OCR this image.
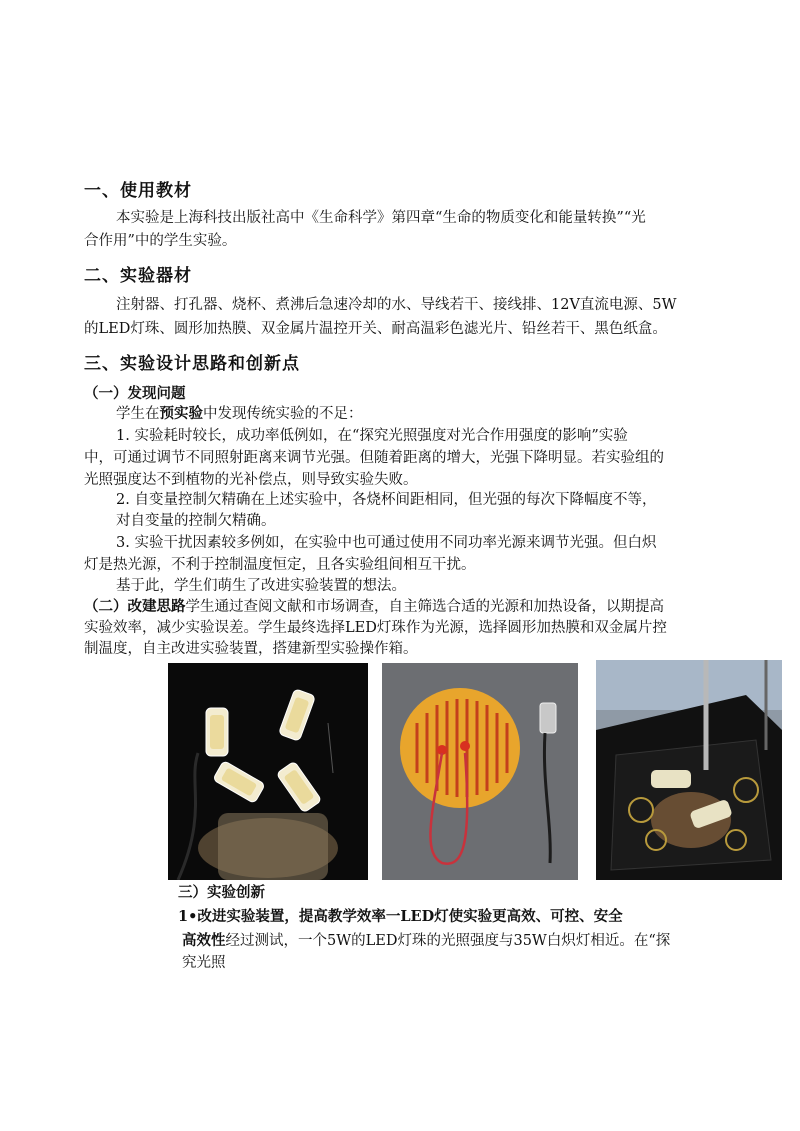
一、使用教材

本实验是上海科技出版社高中《生命科学》第四章“生命的物质变化和能量转换”“光

合作用”中的学生实验。

二、实验器材

注射器、打孔器、烧杯、煮沸后急速冷却的水、导线若干、接线排、12V直流电源、5W

的LED灯珠、圆形加热膜、双金属片温控开关、耐高温彩色滤光片、铅丝若干、黑色纸盒。

三、实验设计思路和创新点

（一）发现问题

学生在预实验中发现传统实验的不足：

1. 实验耗时较长，成功率低例如，在“探究光照强度对光合作用强度的影响”实验

中，可通过调节不同照射距离来调节光强。但随着距离的增大，光强下降明显。若实验组的

光照强度达不到植物的光补偿点，则导致实验失败。

2. 自变量控制欠精确在上述实验中，各烧杯间距相同，但光强的每次下降幅度不等，

对自变量的控制欠精确。

3. 实验干扰因素较多例如，在实验中也可通过使用不同功率光源来调节光强。但白炽

灯是热光源，不利于控制温度恒定，且各实验组间相互干扰。

基于此，学生们萌生了改进实验装置的想法。

（二）改建思路学生通过查阅文献和市场调查，自主筛选合适的光源和加热设备，以期提高

实验效率，减少实验误差。学生最终选择LED灯珠作为光源，选择圆形加热膜和双金属片控

制温度，自主改进实验装置，搭建新型实验操作箱。

三）实验创新

1•改进实验装置，提高教学效率一LED灯使实验更高效、可控、安全

高效性经过测试，一个5W的LED灯珠的光照强度与35W白炽灯相近。在“探

究光照
